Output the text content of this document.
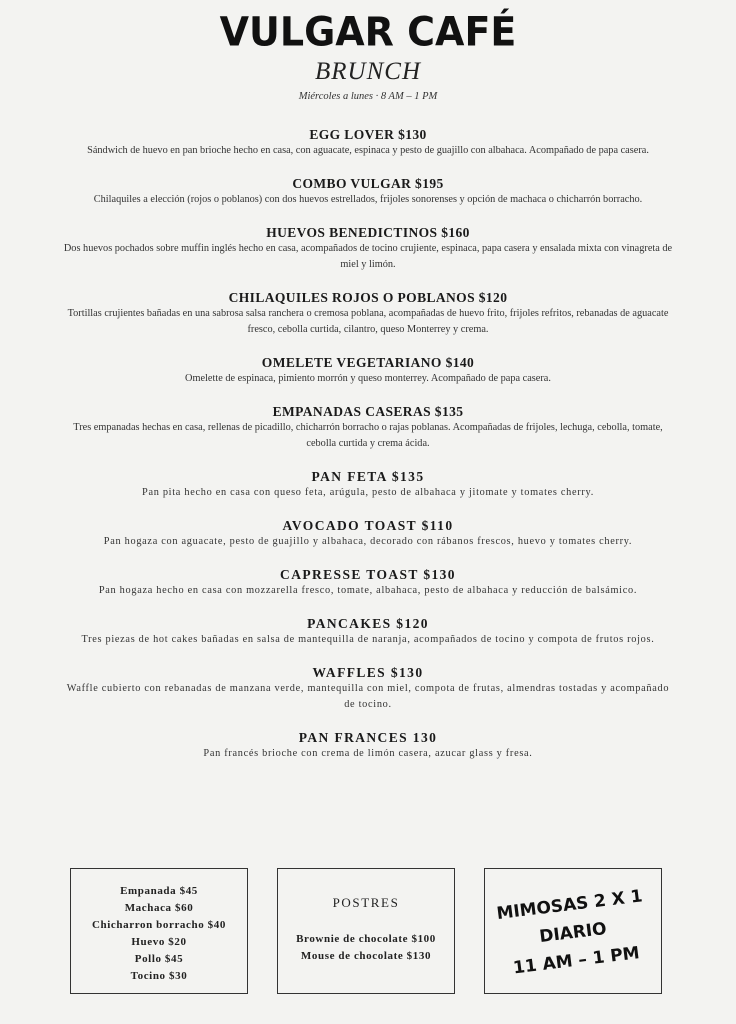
VULGAR CAFÉ
BRUNCH
Miércoles a lunes · 8 AM – 1 PM
EGG LOVER $130
Sándwich de huevo en pan brioche hecho en casa, con aguacate, espinaca y pesto de guajillo con albahaca. Acompañado de papa casera.
COMBO VULGAR $195
Chilaquiles a elección (rojos o poblanos) con dos huevos estrellados, frijoles sonorenses y opción de machaca o chicharrón borracho.
HUEVOS BENEDICTINOS $160
Dos huevos pochados sobre muffin inglés hecho en casa, acompañados de tocino crujiente, espinaca, papa casera y ensalada mixta con vinagreta de miel y limón.
CHILAQUILES ROJOS O POBLANOS $120
Tortillas crujientes bañadas en una sabrosa salsa ranchera o cremosa poblana, acompañadas de huevo frito, frijoles refritos, rebanadas de aguacate fresco, cebolla curtida, cilantro, queso Monterrey y crema.
OMELETE VEGETARIANO $140
Omelette de espinaca, pimiento morrón y queso monterrey. Acompañado de papa casera.
EMPANADAS CASERAS $135
Tres empanadas hechas en casa, rellenas de picadillo, chicharrón borracho o rajas poblanas. Acompañadas de frijoles, lechuga, cebolla, tomate, cebolla curtida y crema ácida.
PAN FETA $135
Pan pita hecho en casa con queso feta, arúgula, pesto de albahaca y jitomate y tomates cherry.
AVOCADO TOAST $110
Pan hogaza con aguacate, pesto de guajillo y albahaca, decorado con rábanos frescos, huevo y tomates cherry.
CAPRESSE TOAST $130
Pan hogaza hecho en casa con mozzarella fresco, tomate, albahaca, pesto de albahaca y reducción de balsámico.
PANCAKES $120
Tres piezas de hot cakes bañadas en salsa de mantequilla de naranja, acompañados de tocino y compota de frutos rojos.
WAFFLES $130
Waffle cubierto con rebanadas de manzana verde, mantequilla con miel, compota de frutas, almendras tostadas y acompañado de tocino.
PAN FRANCES 130
Pan francés brioche con crema de limón casera, azucar glass y fresa.
Empanada $45
Machaca $60
Chicharron borracho $40
Huevo $20
Pollo $45
Tocino $30
POSTRES
Brownie de chocolate $100
Mouse de chocolate $130
MIMOSAS 2 X 1
DIARIO
11 AM – 1 PM
